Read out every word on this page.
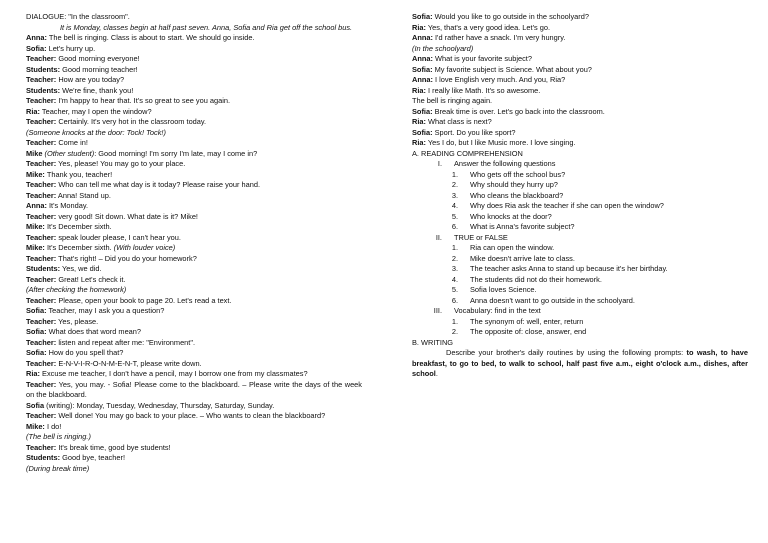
DIALOGUE: "In the classroom".
It is Monday, classes begin at half past seven. Anna, Sofia and Ria get off the school bus.
Anna: The bell is ringing. Class is about to start. We should go inside.
Sofia: Let's hurry up.
Teacher: Good morning everyone!
Students: Good morning teacher!
Teacher: How are you today?
Students: We're fine, thank you!
Teacher: I'm happy to hear that. It's so great to see you again.
Ria: Teacher, may I open the window?
Teacher: Certainly. It's very hot in the classroom today.
(Someone knocks at the door: Tock! Tock!)
Teacher: Come in!
Mike (Other student): Good morning! I'm sorry I'm late, may I come in?
Teacher: Yes, please! You may go to your place.
Mike: Thank you, teacher!
Teacher: Who can tell me what day is it today? Please raise your hand.
Teacher: Anna! Stand up.
Anna: It's Monday.
Teacher: very good! Sit down. What date is it? Mike!
Mike: It's December sixth.
Teacher: speak louder please, I can't hear you.
Mike: It's December sixth. (With louder voice)
Teacher: That's right! – Did you do your homework?
Students: Yes, we did.
Teacher: Great! Let's check it.
(After checking the homework)
Teacher: Please, open your book to page 20. Let's read a text.
Sofia: Teacher, may I ask you a question?
Teacher: Yes, please.
Sofia: What does that word mean?
Teacher: listen and repeat after me: "Environment".
Sofia: How do you spell that?
Teacher: E-N-V-I-R-O-N-M-E-N-T, please write down.
Ria: Excuse me teacher, I don't have a pencil, may I borrow one from my classmates?
Teacher: Yes, you may. - Sofia! Please come to the blackboard. – Please write the days of the week on the blackboard.
Sofia (writing): Monday, Tuesday, Wednesday, Thursday, Saturday, Sunday.
Teacher: Well done! You may go back to your place. – Who wants to clean the blackboard?
Mike: I do!
(The bell is ringing.)
Teacher: It's break time, good bye students!
Students: Good bye, teacher!
(During break time)
Sofia: Would you like to go outside in the schoolyard?
Ria: Yes, that's a very good idea. Let's go.
Anna: I'd rather have a snack. I'm very hungry.
(In the schoolyard)
Anna: What is your favorite subject?
Sofia: My favorite subject is Science. What about you?
Anna: I love English very much. And you, Ria?
Ria: I really like Math. It's so awesome.
The bell is ringing again.
Sofia: Break time is over. Let's go back into the classroom.
Ria: What class is next?
Sofia: Sport. Do you like sport?
Ria: Yes I do, but I like Music more. I love singing.
A. READING COMPREHENSION
I.	Answer the following questions
1.	Who gets off the school bus?
2.	Why should they hurry up?
3.	Who cleans the blackboard?
4.	Why does Ria ask the teacher if she can open the window?
5.	Who knocks at the door?
6.	What is Anna's favorite subject?
II.	TRUE or FALSE
1.	Ria can open the window.
2.	Mike doesn't arrive late to class.
3.	The teacher asks Anna to stand up because it's her birthday.
4.	The students did not do their homework.
5.	Sofia loves Science.
6.	Anna doesn't want to go outside in the schoolyard.
III.	Vocabulary: find in the text
1.	The synonym of: well, enter, return
2.	The opposite of: close, answer, end
B. WRITING
Describe your brother's daily routines by using the following prompts: to wash, to have breakfast, to go to bed, to walk to school, half past five a.m., eight o'clock a.m., dishes, after school.
